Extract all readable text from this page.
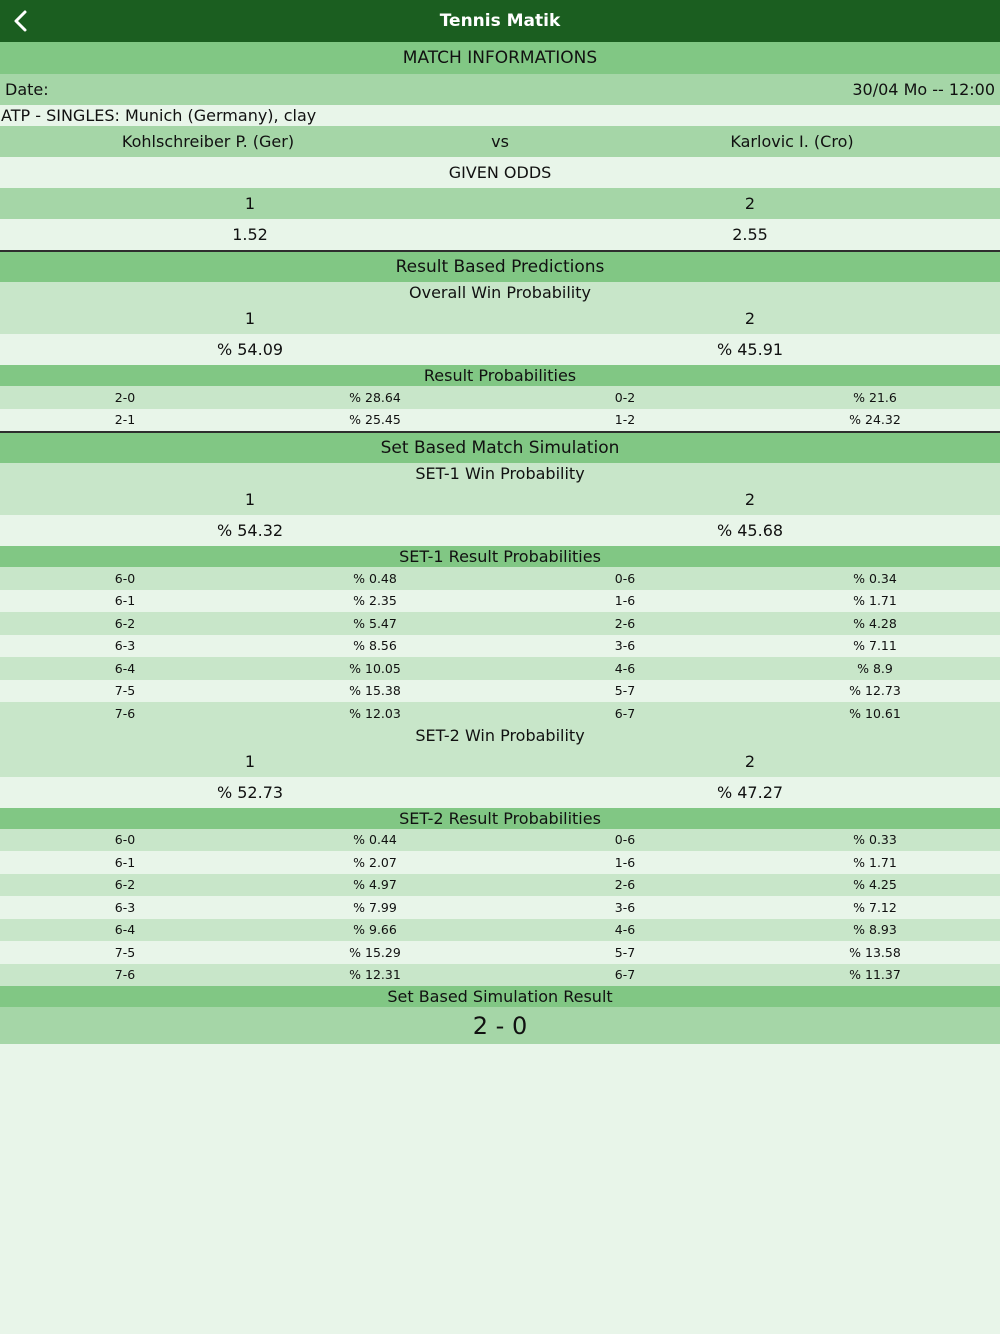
Tennis Matik
MATCH INFORMATIONS
Date:	30/04 Mo -- 12:00
ATP - SINGLES: Munich (Germany), clay
Kohlschreiber P. (Ger)	vs	Karlovic I. (Cro)
GIVEN ODDS
1	2
1.52	2.55
Result Based Predictions
Overall Win Probability
1	2
% 54.09	% 45.91
Result Probabilities
2-0	% 28.64	0-2	% 21.6
2-1	% 25.45	1-2	% 24.32
Set Based Match Simulation
SET-1 Win Probability
1	2
% 54.32	% 45.68
SET-1 Result Probabilities
6-0	% 0.48	0-6	% 0.34
6-1	% 2.35	1-6	% 1.71
6-2	% 5.47	2-6	% 4.28
6-3	% 8.56	3-6	% 7.11
6-4	% 10.05	4-6	% 8.9
7-5	% 15.38	5-7	% 12.73
7-6	% 12.03	6-7	% 10.61
SET-2 Win Probability
1	2
% 52.73	% 47.27
SET-2 Result Probabilities
6-0	% 0.44	0-6	% 0.33
6-1	% 2.07	1-6	% 1.71
6-2	% 4.97	2-6	% 4.25
6-3	% 7.99	3-6	% 7.12
6-4	% 9.66	4-6	% 8.93
7-5	% 15.29	5-7	% 13.58
7-6	% 12.31	6-7	% 11.37
Set Based Simulation Result
2 - 0
